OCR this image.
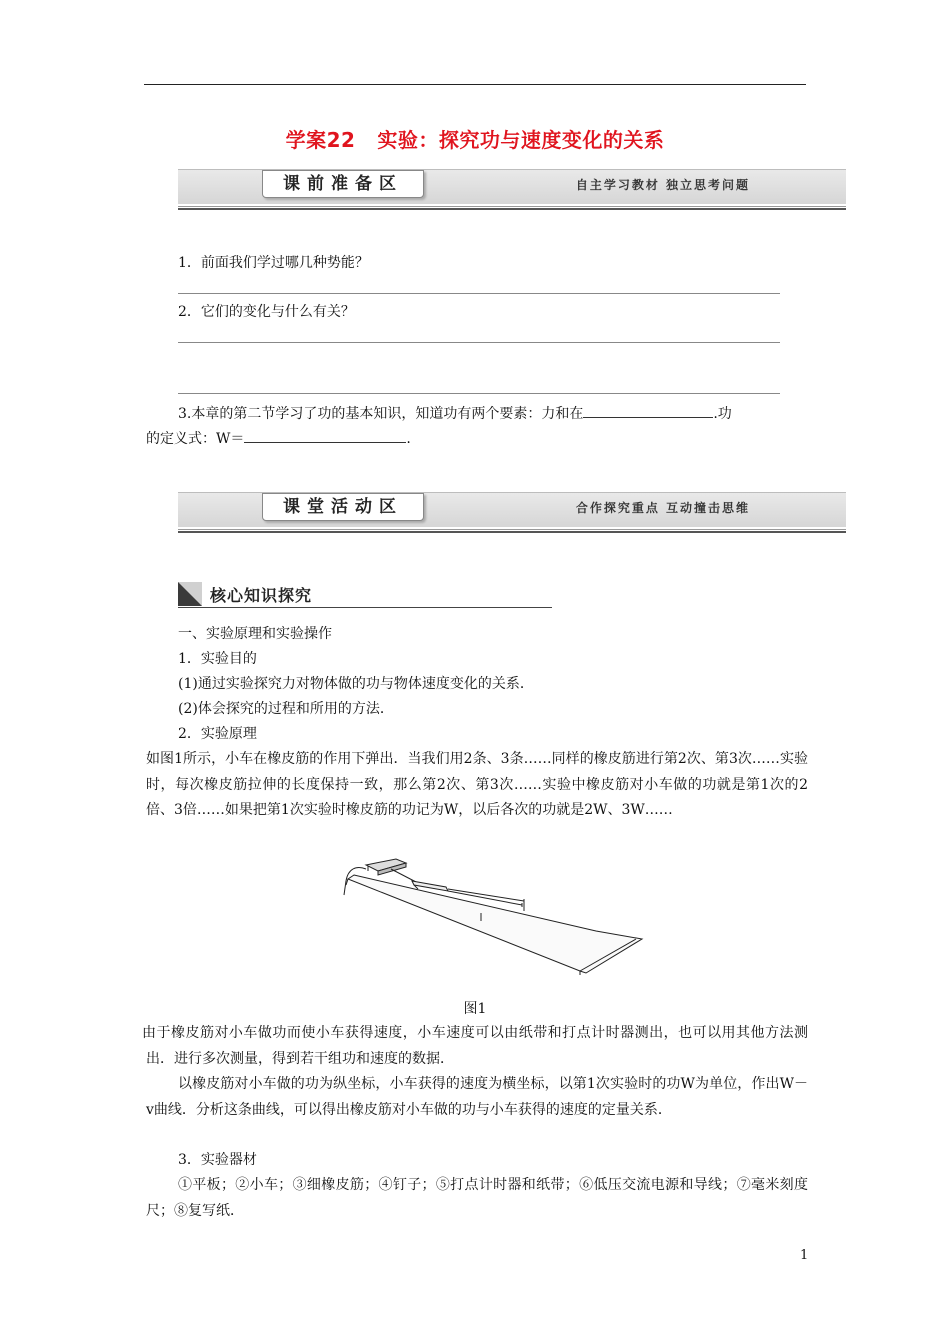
学案22 实验：探究功与速度变化的关系
课前准备区	自主学习教材 独立思考问题
1．前面我们学过哪几种势能？
2．它们的变化与什么有关？
3.本章的第二节学习了功的基本知识，知道功有两个要素：力和在	.功
的定义式：W＝	.
课堂活动区	合作探究重点 互动撞击思维
核心知识探究
一、实验原理和实验操作
1．实验目的
(1)通过实验探究力对物体做的功与物体速度变化的关系．
(2)体会探究的过程和所用的方法．
2．实验原理
如图1所示，小车在橡皮筋的作用下弹出．当我们用2条、3条……同样的橡皮筋进行第2次、第3次……实验时，每次橡皮筋拉伸的长度保持一致，那么第2次、第3次……实验中橡皮筋对小车做的功就是第1次的2倍、3倍……如果把第1次实验时橡皮筋的功记为W，以后各次的功就是2W、3W……
图1
由于橡皮筋对小车做功而使小车获得速度，小车速度可以由纸带和打点计时器测出，也可以用其他方法测出．进行多次测量，得到若干组功和速度的数据．
以橡皮筋对小车做的功为纵坐标，小车获得的速度为横坐标，以第1次实验时的功W为单位，作出W－v曲线．分析这条曲线，可以得出橡皮筋对小车做的功与小车获得的速度的定量关系．
3．实验器材
①平板；②小车；③细橡皮筋；④钉子；⑤打点计时器和纸带；⑥低压交流电源和导线；⑦毫米刻度尺；⑧复写纸．
1
